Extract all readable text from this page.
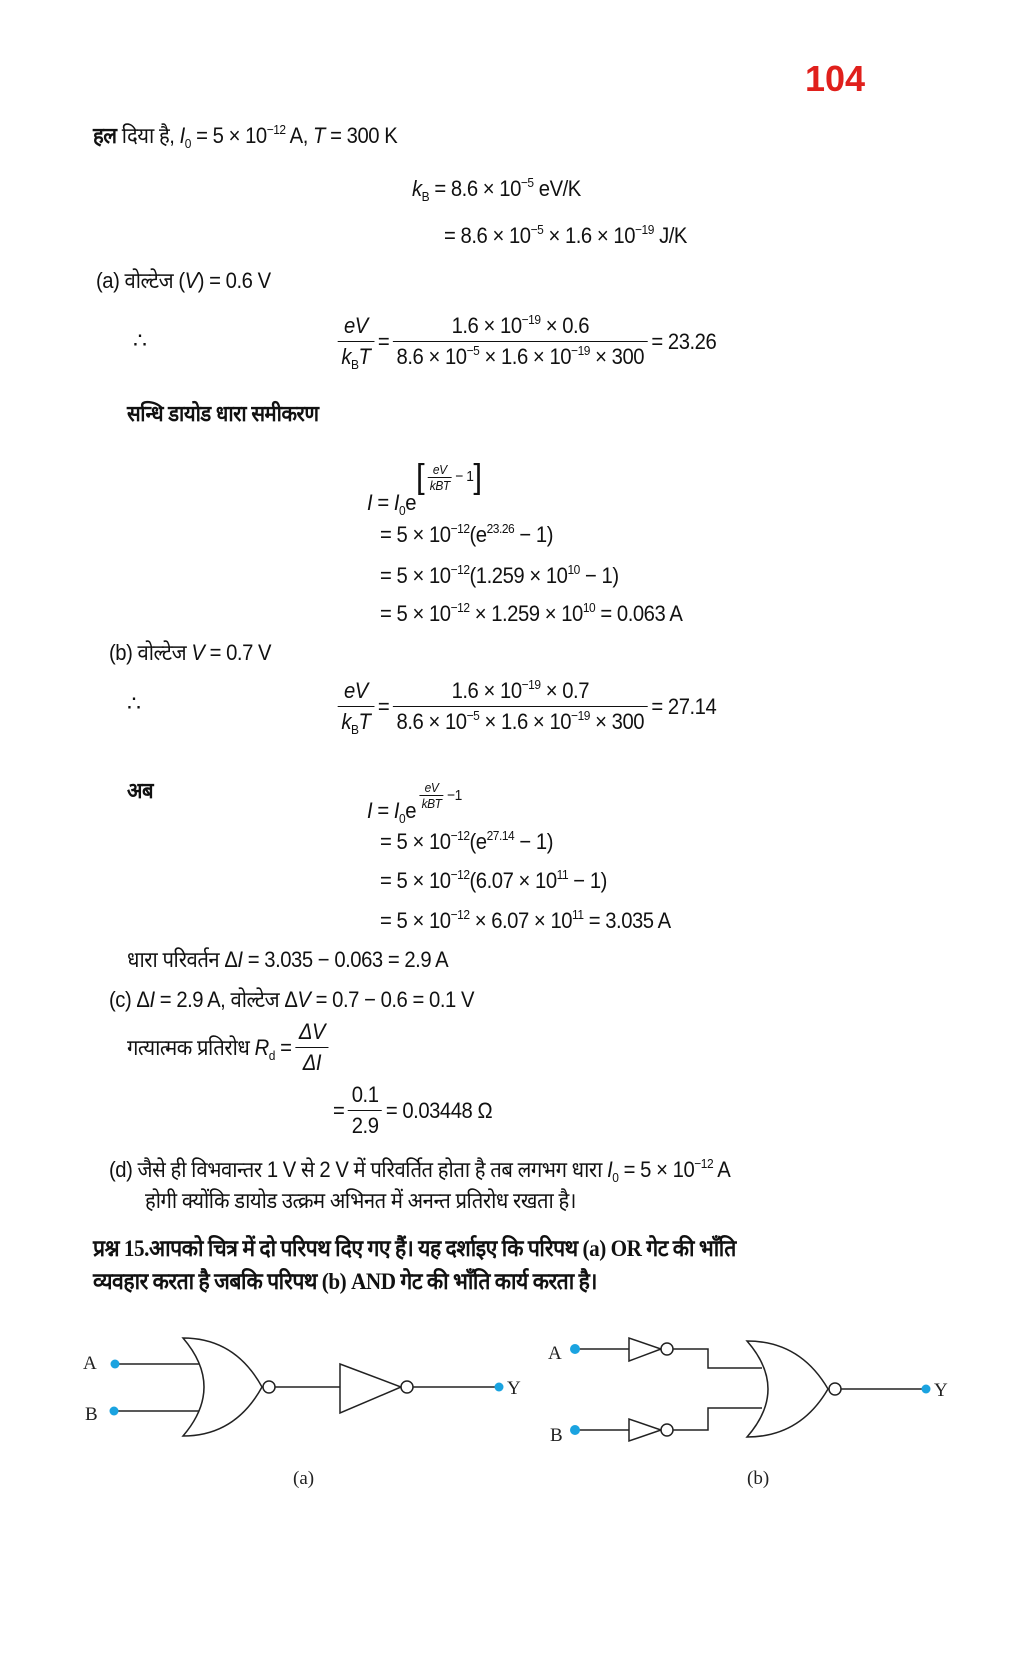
104
हल दिया है, $I_0 = 5 \times 10^{-12}$ A, T = 300 K
$k_B = 8.6 \times 10^{-5}$ eV/K
= $8.6 \times 10^{-5} \times 1.6 \times 10^{-19}$ J/K
(a) वोल्टेज (V) = 0.6 V
∴	$\frac{eV}{k_BT} = \frac{1.6 \times 10^{-19} \times 0.6}{8.6 \times 10^{-5} \times 1.6 \times 10^{-19} \times 300} = 23.26$
सन्धि डायोड धारा समीकरण
$I = I_0e$
[ $\frac{eV}{\text{kBT}} - 1$ ]
= $5 \times 10^{-12}(e^{23.26} - 1)$
= $5 \times 10^{-12}(1.259 \times 10^{10} - 1)$
= $5 \times 10^{-12} \times 1.259 \times 10^{10} = 0.063$ A
(b) वोल्टेज V = 0.7 V
∴	$\frac{eV}{k_BT} = \frac{1.6 \times 10^{-19} \times 0.7}{8.6 \times 10^{-5} \times 1.6 \times 10^{-19} \times 300} = 27.14$
अब
$I = I_0e \frac{eV}{\text{kBT}} -1$
= $5 \times 10^{-12}(e^{27.14} - 1)$
= $5 \times 10^{-12}(6.07 \times 10^{11} - 1)$
= $5 \times 10^{-12} \times 6.07 \times 10^{11} = 3.035$ A
धारा परिवर्तन ΔI = 3.035 − 0.063 = 2.9 A
(c) ΔI = 2.9 A, वोल्टेज ΔV = 0.7 − 0.6 = 0.1 V
गत्यात्मक प्रतिरोध $R_d = \frac{\Delta V}{\Delta I}$
= $\frac{0.1}{2.9} = 0.03448$ Ω
(d) जैसे ही विभवान्तर 1 V से 2 V में परिवर्तित होता है तब लगभग धारा $I_0 = 5 \times 10^{-12}$ A
होगी क्योंकि डायोड उत्क्रम अभिनत में अनन्त प्रतिरोध रखता है।
प्रश्न 15.आपको चित्र में दो परिपथ दिए गए हैं। यह दर्शाइए कि परिपथ (a) OR गेट की भाँति
व्यवहार करता है जबकि परिपथ (b) AND गेट की भाँति कार्य करता है।
A
B
Y
(a)
A
B
Y
(b)
